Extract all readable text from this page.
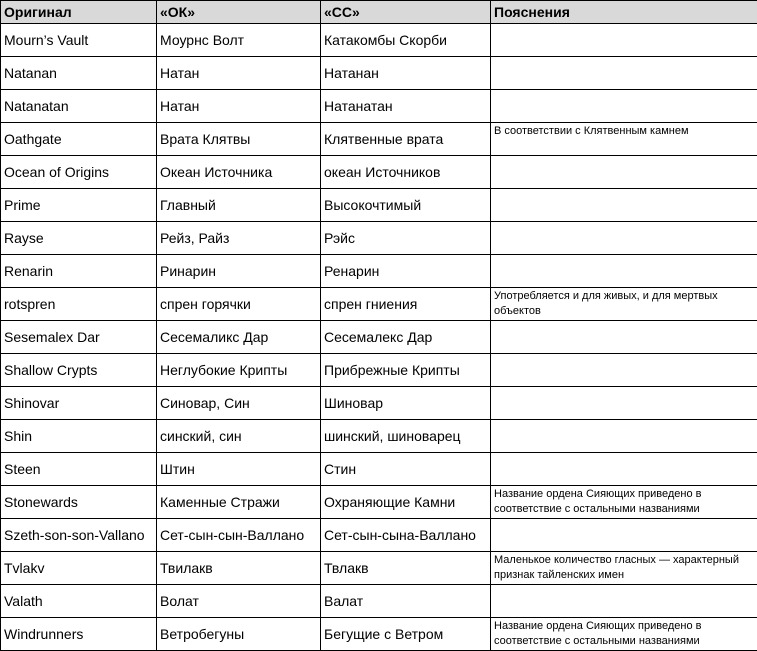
Оригинал	«ОК»	«СС»	Пояснения
Mourn’s Vault	Моурнс Волт	Катакомбы Скорби	
Natanan	Натан	Натанан	
Natanatan	Натан	Натанатан	
Oathgate	Врата Клятвы	Клятвенные врата	В соответствии с Клятвенным камнем
Ocean of Origins	Океан Источника	океан Источников	
Prime	Главный	Высокочтимый	
Rayse	Рейз, Райз	Рэйс	
Renarin	Ринарин	Ренарин	
rotspren	спрен горячки	спрен гниения	Употребляется и для живых, и для мертвых объектов
Sesemalex Dar	Сесемаликс Дар	Сесемалекс Дар	
Shallow Crypts	Неглубокие Крипты	Прибрежные Крипты	
Shinovar	Синовар, Син	Шиновар	
Shin	синский, син	шинский, шиноварец	
Steen	Штин	Стин	
Stonewards	Каменные Стражи	Охраняющие Камни	Название ордена Сияющих приведено в соответствие с остальными названиями
Szeth-son-son-Vallano	Сет-сын-сын-Валлано	Сет-сын-сына-Валлано	
Tvlakv	Твилакв	Твлакв	Маленькое количество гласных — характерный признак тайленских имен
Valath	Волат	Валат	
Windrunners	Ветробегуны	Бегущие с Ветром	Название ордена Сияющих приведено в соответствие с остальными названиями
